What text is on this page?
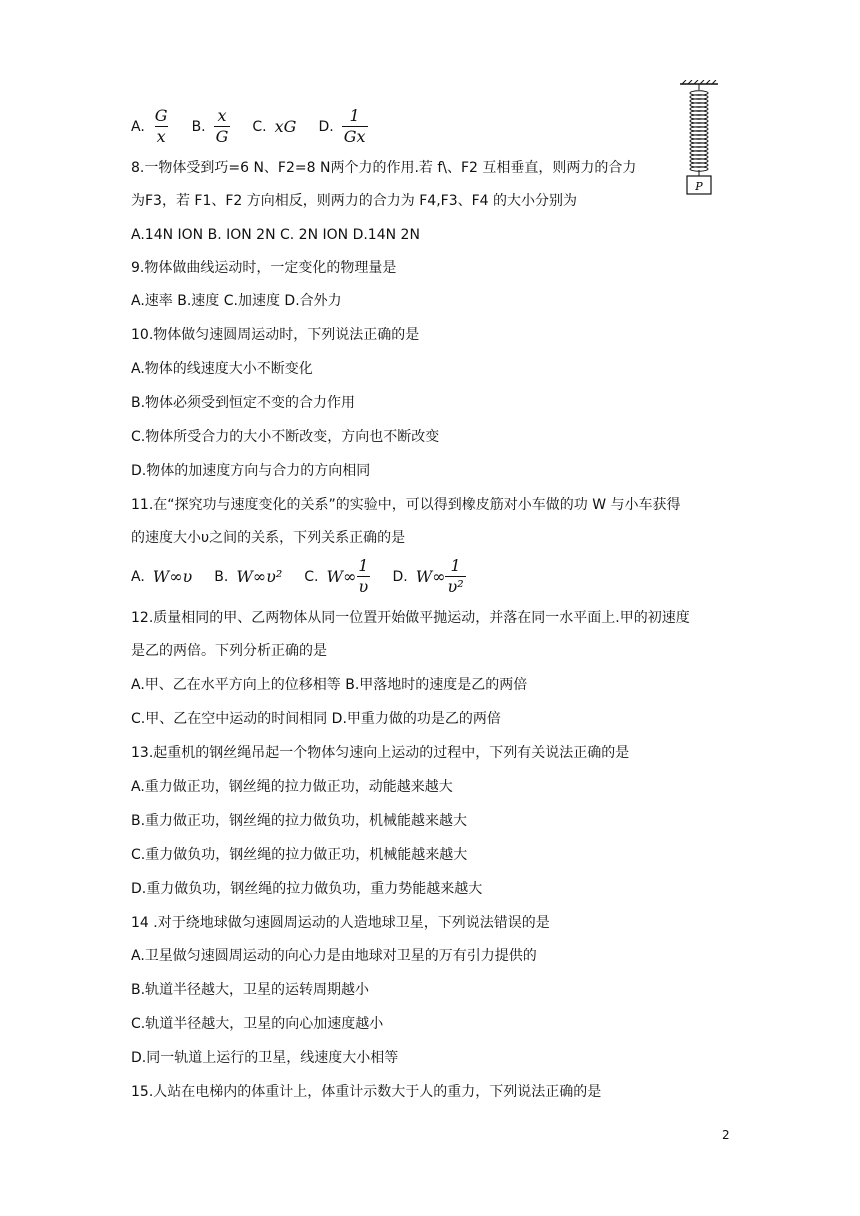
A. $\frac{G}{x} B$. $\frac{x}{G} C$. xG D. $\frac{1}{Gx}$
P
8.一物体受到巧=6 N、F2=8 N两个力的作用.若 f\、F2 互相垂直，则两力的合力
为F3，若 F1、F2 方向相反，则两力的合力为 F4,F3、F4 的大小分别为
A.14N ION B. ION 2N C. 2N ION D.14N 2N
9.物体做曲线运动时，一定变化的物理量是
A.速率 B.速度 C.加速度 D.合外力
10.物体做匀速圆周运动时，下列说法正确的是
A.物体的线速度大小不断变化
B.物体必须受到恒定不变的合力作用
C.物体所受合力的大小不断改变，方向也不断改变
D.物体的加速度方向与合力的方向相同
11.在“探究功与速度变化的关系”的实验中，可以得到橡皮筋对小车做的功 W 与小车获得
的速度大小υ之间的关系，下列关系正确的是
A. W∞υ B. W∞υ² C. $W\infty \frac{1}{\upsilon} D$. $W\infty \frac{1}{\text{υ²}}$
12.质量相同的甲、乙两物体从同一位置开始做平抛运动，并落在同一水平面上.甲的初速度
是乙的两倍。下列分析正确的是
A.甲、乙在水平方向上的位移相等 B.甲落地时的速度是乙的两倍
C.甲、乙在空中运动的时间相同 D.甲重力做的功是乙的两倍
13.起重机的钢丝绳吊起一个物体匀速向上运动的过程中，下列有关说法正确的是
A.重力做正功，钢丝绳的拉力做正功，动能越来越大
B.重力做正功，钢丝绳的拉力做负功，机械能越来越大
C.重力做负功，钢丝绳的拉力做正功，机械能越来越大
D.重力做负功，钢丝绳的拉力做负功，重力势能越来越大
14 .对于绕地球做匀速圆周运动的人造地球卫星，下列说法错误的是
A.卫星做匀速圆周运动的向心力是由地球对卫星的万有引力提供的
B.轨道半径越大，卫星的运转周期越小
C.轨道半径越大，卫星的向心加速度越小
D.同一轨道上运行的卫星，线速度大小相等
15.人站在电梯内的体重计上，体重计示数大于人的重力，下列说法正确的是
2
